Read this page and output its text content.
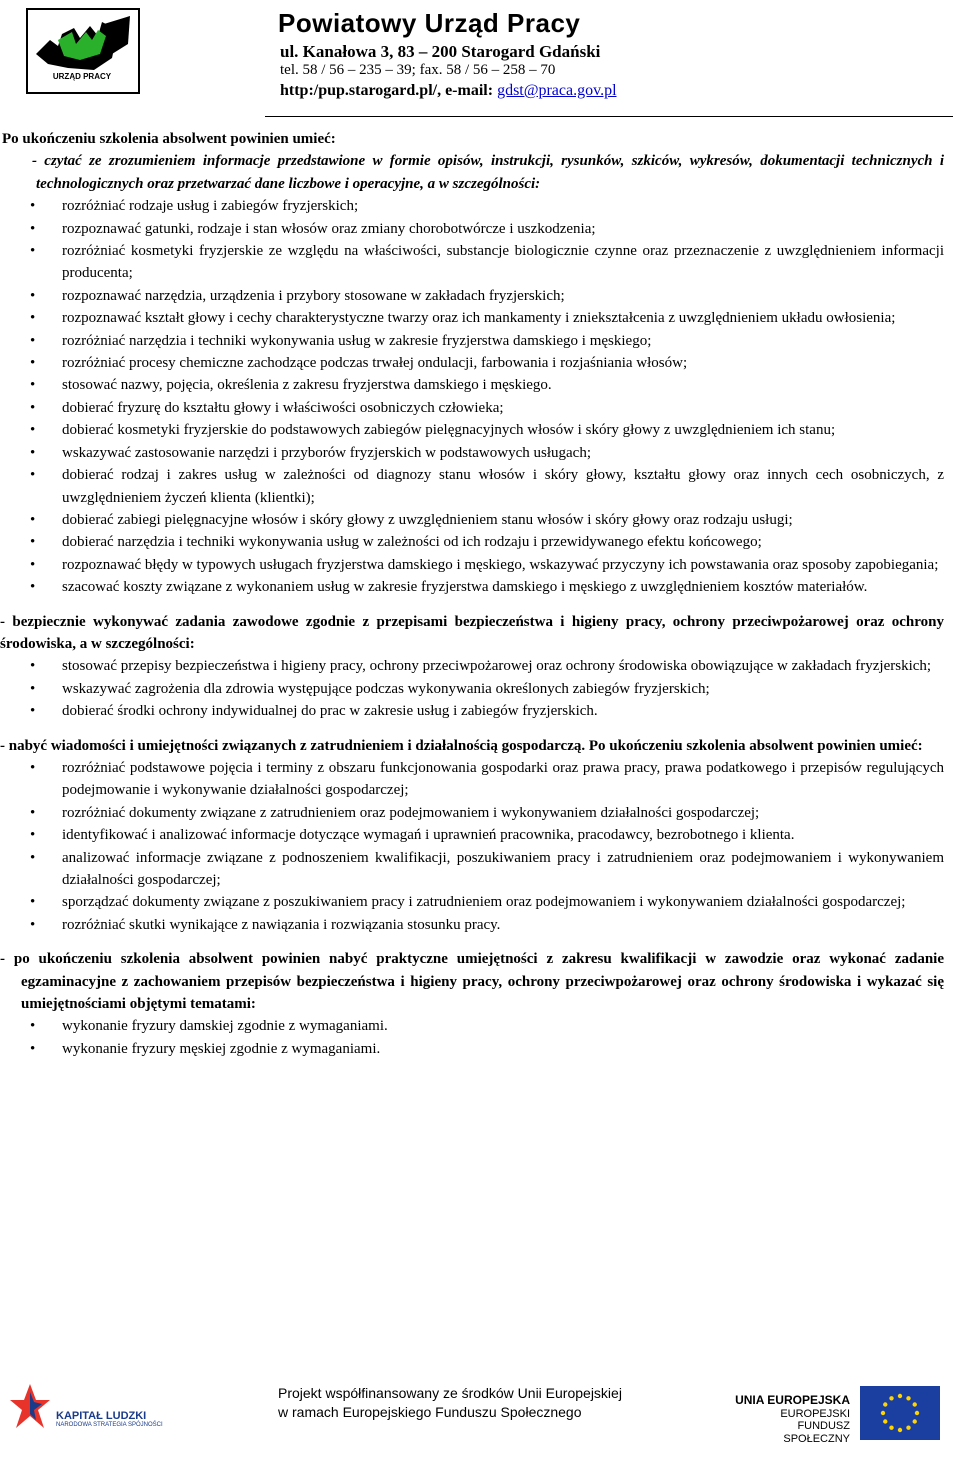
URZĄD PRACY
Powiatowy Urząd Pracy
ul. Kanałowa 3, 83 – 200 Starogard Gdański
tel. 58 / 56 – 235 – 39; fax. 58 / 56 – 258 – 70
http:/pup.starogard.pl/, e-mail: gdst@praca.gov.pl
Po ukończeniu szkolenia absolwent powinien umieć:
- czytać ze zrozumieniem informacje przedstawione w formie opisów, instrukcji, rysunków, szkiców, wykresów, dokumentacji technicznych i technologicznych oraz przetwarzać dane liczbowe i operacyjne, a w szczególności:
• rozróżniać rodzaje usług i zabiegów fryzjerskich;
• rozpoznawać gatunki, rodzaje i stan włosów oraz zmiany chorobotwórcze i uszkodzenia;
• rozróżniać kosmetyki fryzjerskie ze względu na właściwości, substancje biologicznie czynne oraz przeznaczenie z uwzględnieniem informacji producenta;
• rozpoznawać narzędzia, urządzenia i przybory stosowane w zakładach fryzjerskich;
• rozpoznawać kształt głowy i cechy charakterystyczne twarzy oraz ich mankamenty i zniekształcenia z uwzględnieniem układu owłosienia;
• rozróżniać narzędzia i techniki wykonywania usług w zakresie fryzjerstwa damskiego i męskiego;
• rozróżniać procesy chemiczne zachodzące podczas trwałej ondulacji, farbowania i rozjaśniania włosów;
• stosować nazwy, pojęcia, określenia z zakresu fryzjerstwa damskiego i męskiego.
• dobierać fryzurę do kształtu głowy i właściwości osobniczych człowieka;
• dobierać kosmetyki fryzjerskie do podstawowych zabiegów pielęgnacyjnych włosów i skóry głowy z uwzględnieniem ich stanu;
• wskazywać zastosowanie narzędzi i przyborów fryzjerskich w podstawowych usługach;
• dobierać rodzaj i zakres usług w zależności od diagnozy stanu włosów i skóry głowy, kształtu głowy oraz innych cech osobniczych, z uwzględnieniem życzeń klienta (klientki);
• dobierać zabiegi pielęgnacyjne włosów i skóry głowy z uwzględnieniem stanu włosów i skóry głowy oraz rodzaju usługi;
• dobierać narzędzia i techniki wykonywania usług w zależności od ich rodzaju i przewidywanego efektu końcowego;
• rozpoznawać błędy w typowych usługach fryzjerstwa damskiego i męskiego, wskazywać przyczyny ich powstawania oraz sposoby zapobiegania;
• szacować koszty związane z wykonaniem usług w zakresie fryzjerstwa damskiego i męskiego z uwzględnieniem kosztów materiałów.
- bezpiecznie wykonywać zadania zawodowe zgodnie z przepisami bezpieczeństwa i higieny pracy, ochrony przeciwpożarowej oraz ochrony środowiska, a w szczególności:
• stosować przepisy bezpieczeństwa i higieny pracy, ochrony przeciwpożarowej oraz ochrony środowiska obowiązujące w zakładach fryzjerskich;
• wskazywać zagrożenia dla zdrowia występujące podczas wykonywania określonych zabiegów fryzjerskich;
• dobierać środki ochrony indywidualnej do prac w zakresie usług i zabiegów fryzjerskich.
- nabyć wiadomości i umiejętności związanych z zatrudnieniem i działalnością gospodarczą. Po ukończeniu szkolenia absolwent powinien umieć:
• rozróżniać podstawowe pojęcia i terminy z obszaru funkcjonowania gospodarki oraz prawa pracy, prawa podatkowego i przepisów regulujących podejmowanie i wykonywanie działalności gospodarczej;
• rozróżniać dokumenty związane z zatrudnieniem oraz podejmowaniem i wykonywaniem działalności gospodarczej;
• identyfikować i analizować informacje dotyczące wymagań i uprawnień pracownika, pracodawcy, bezrobotnego i klienta.
• analizować informacje związane z podnoszeniem kwalifikacji, poszukiwaniem pracy i zatrudnieniem oraz podejmowaniem i wykonywaniem działalności gospodarczej;
• sporządzać dokumenty związane z poszukiwaniem pracy i zatrudnieniem oraz podejmowaniem i wykonywaniem działalności gospodarczej;
• rozróżniać skutki wynikające z nawiązania i rozwiązania stosunku pracy.
- po ukończeniu szkolenia absolwent powinien nabyć praktyczne umiejętności z zakresu kwalifikacji w zawodzie oraz wykonać zadanie egzaminacyjne z zachowaniem przepisów bezpieczeństwa i higieny pracy, ochrony przeciwpożarowej oraz ochrony środowiska i wykazać się umiejętnościami objętymi tematami:
• wykonanie fryzury damskiej zgodnie z wymaganiami.
• wykonanie fryzury męskiej zgodnie z wymaganiami.
KAPITAŁ LUDZKI
NARODOWA STRATEGIA SPÓJNOŚCI
Projekt współfinansowany ze środków Unii Europejskiej
w ramach Europejskiego Funduszu Społecznego
UNIA EUROPEJSKA
EUROPEJSKI
FUNDUSZ SPOŁECZNY
